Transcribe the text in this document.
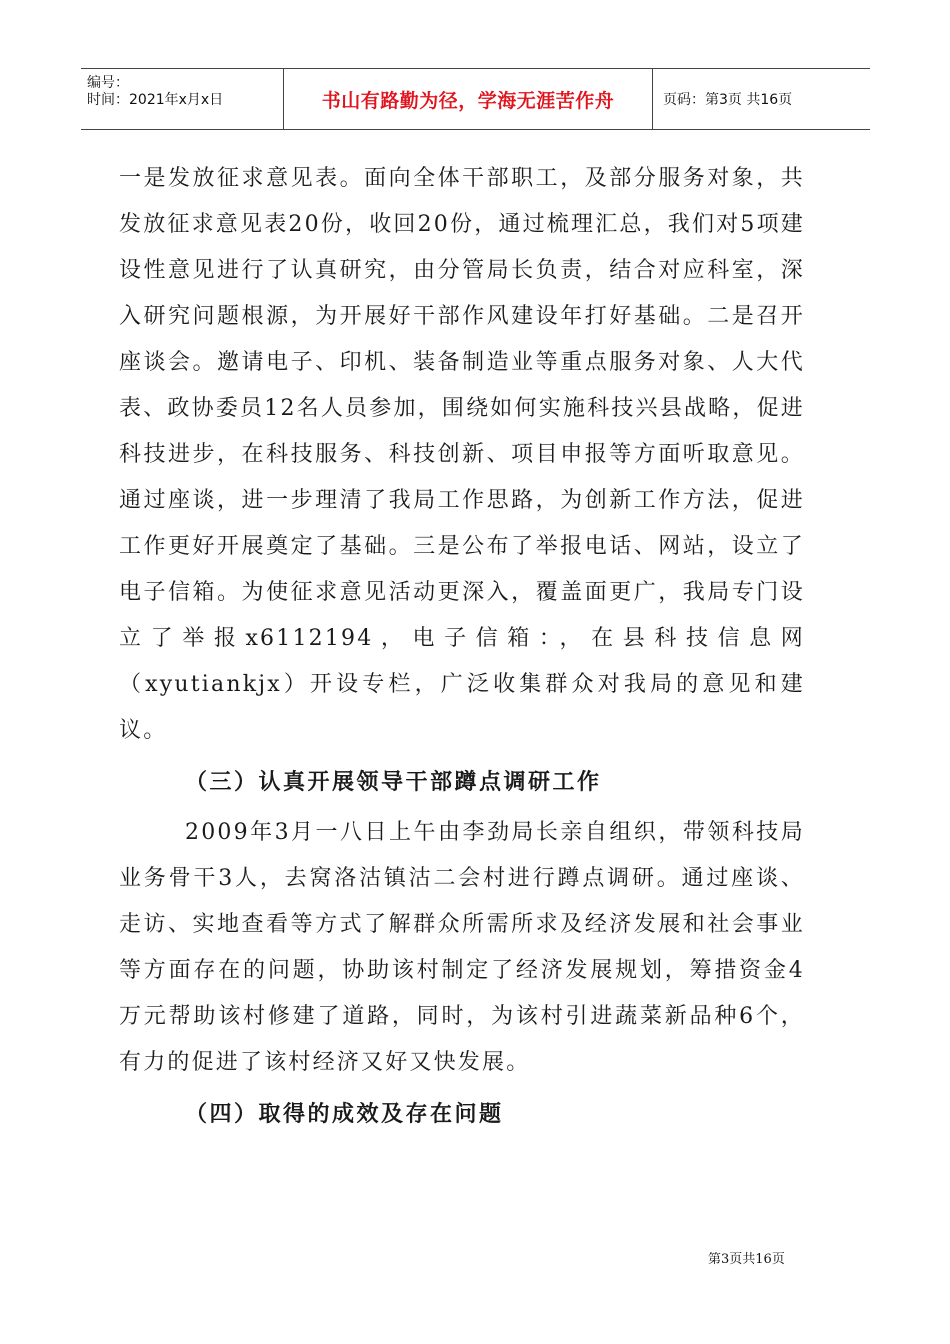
编号：
时间：2021年x月x日	书山有路勤为径，学海无涯苦作舟	页码：第3页 共16页

一是发放征求意见表。面向全体干部职工，及部分服务对象，共发放征求意见表20份，收回20份，通过梳理汇总，我们对5项建设性意见进行了认真研究，由分管局长负责，结合对应科室，深入研究问题根源，为开展好干部作风建设年打好基础。二是召开座谈会。邀请电子、印机、装备制造业等重点服务对象、人大代表、政协委员12名人员参加，围绕如何实施科技兴县战略，促进科技进步，在科技服务、科技创新、项目申报等方面听取意见。通过座谈，进一步理清了我局工作思路，为创新工作方法，促进工作更好开展奠定了基础。三是公布了举报电话、网站，设立了电子信箱。为使征求意见活动更深入，覆盖面更广，我局专门设立了举报x6112194，电子信箱：，在县科技信息网（xyutiankjx）开设专栏，广泛收集群众对我局的意见和建议。

（三）认真开展领导干部蹲点调研工作

2009年3月一八日上午由李劲局长亲自组织，带领科技局业务骨干3人，去窝洛沽镇沽二会村进行蹲点调研。通过座谈、走访、实地查看等方式了解群众所需所求及经济发展和社会事业等方面存在的问题，协助该村制定了经济发展规划，筹措资金4万元帮助该村修建了道路，同时，为该村引进蔬菜新品种6个，有力的促进了该村经济又好又快发展。

（四）取得的成效及存在问题

第3页共16页
